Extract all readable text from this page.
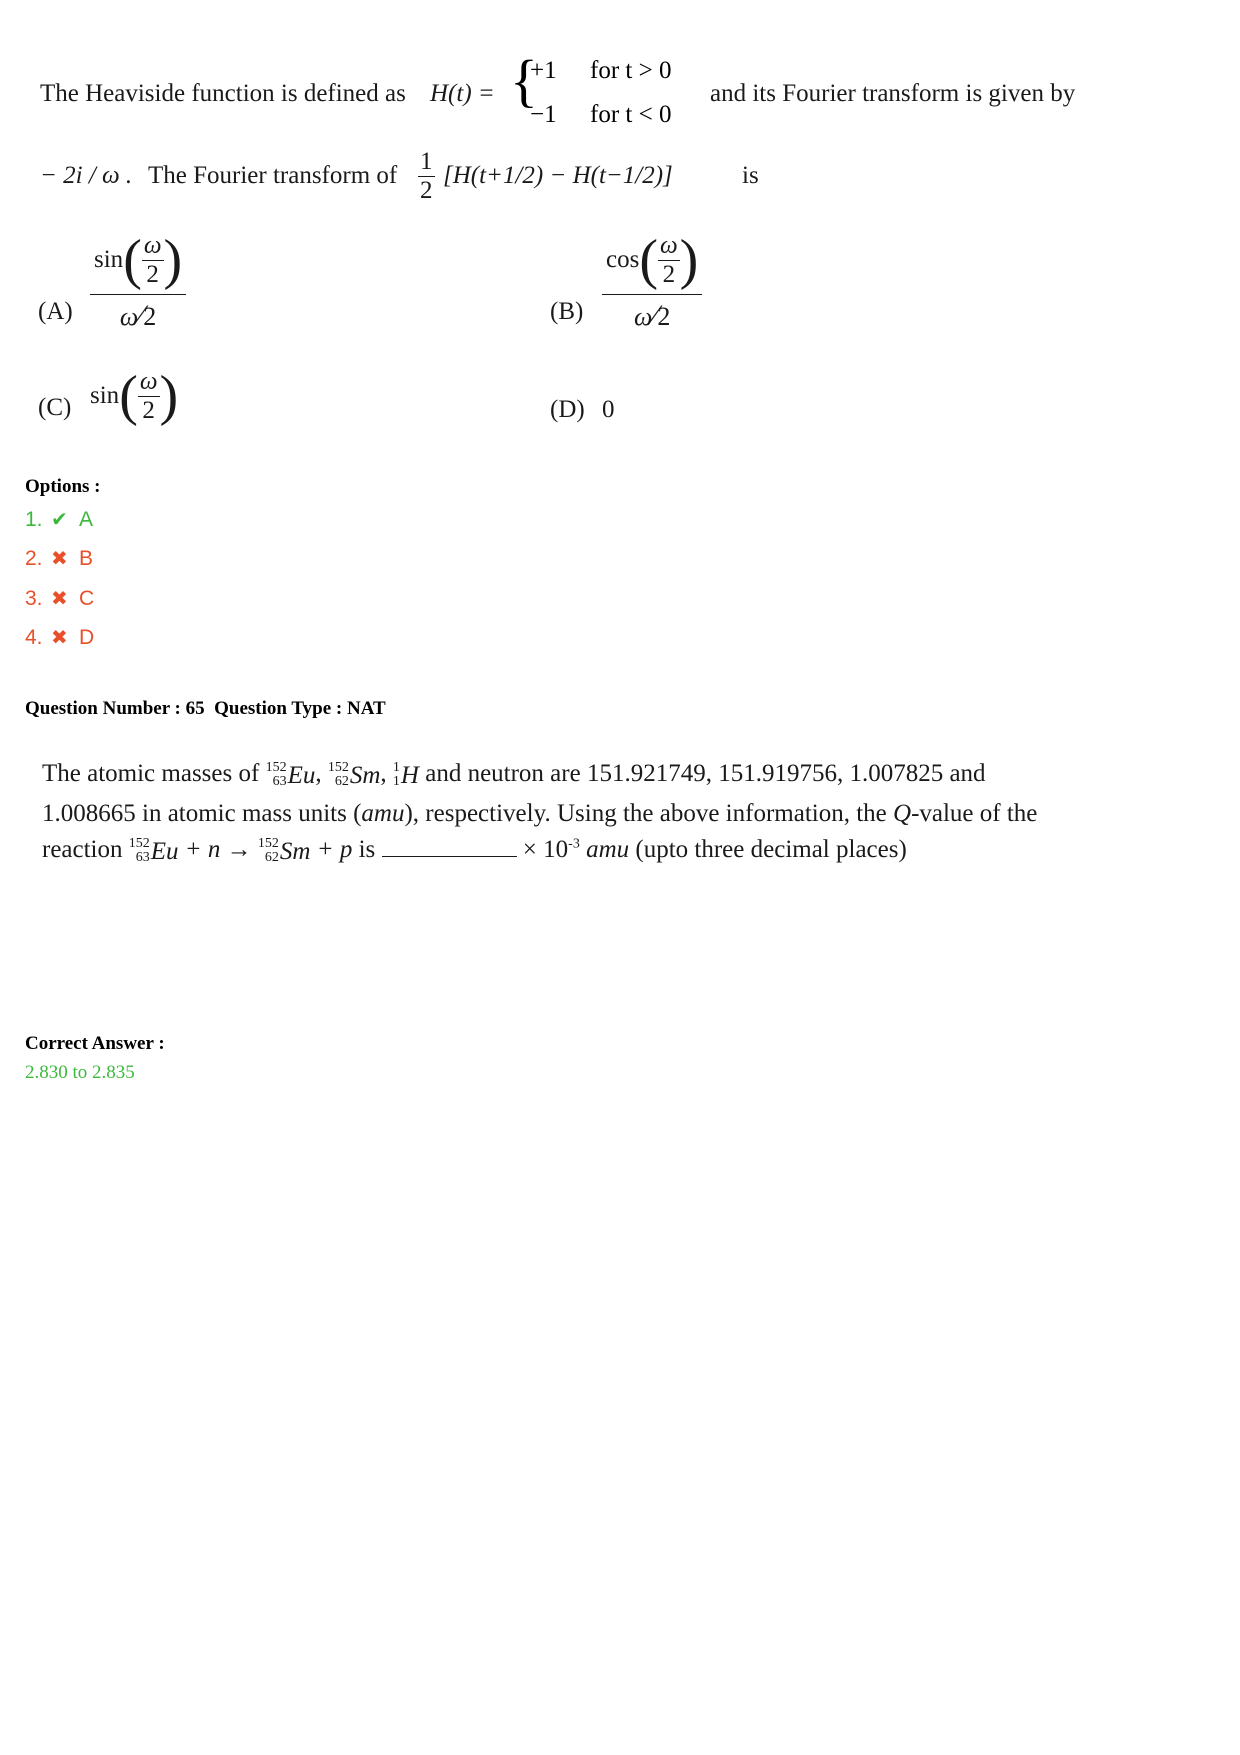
The Heaviside function is defined as H(t) = {
+1 for t > 0
−1 for t < 0
and its Fourier transform is given by
− 2i / ω . The Fourier transform of $\frac{1}{2} [H(t+1/2) - H(t-1/2)]$	is
(A)
sin ( $\frac{\omega}{2}$ )
ω⁄2	(B)
cos ( $\frac{\omega}{2}$ )
ω⁄2
(C) sin ( $\frac{\omega}{2}$ )	(D) 0
Options :
1. ✔ A
2. ✖ B
3. ✖ C
4. ✖ D
Question Number : 65  Question Type : NAT
The atomic masses of 152
63 Eu , 152
62 Sm , 1
1 H and neutron are 151.921749, 151.919756, 1.007825 and
1.008665 in atomic mass units (amu), respectively. Using the above information, the Q-value of the
reaction 152
63 Eu + n → 152
62 Sm + p is	× $10^{-3}$ amu (upto three decimal places)
Correct Answer :
2.830 to 2.835
